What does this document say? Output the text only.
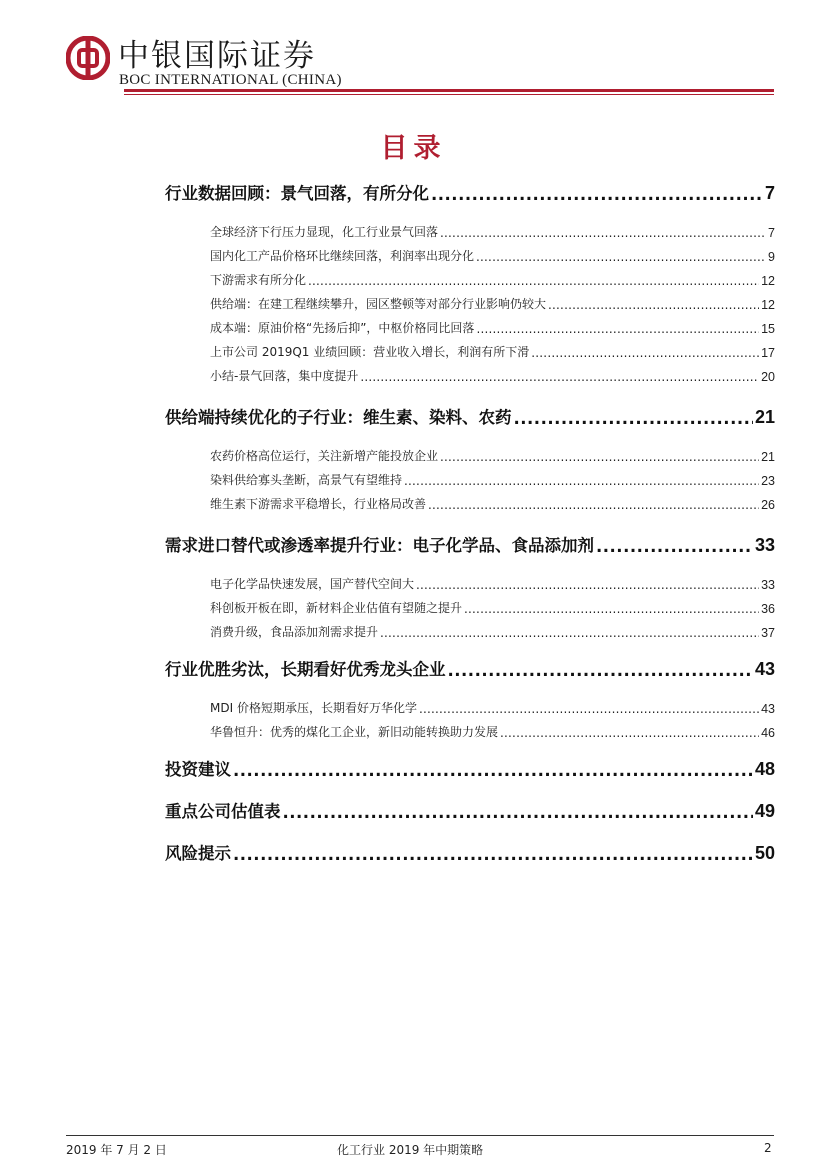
中银国际证券
BOC INTERNATIONAL (CHINA)
目录
行业数据回顾：景气回落，有所分化 .....	7
全球经济下行压力显现，化工行业景气回落 .....	7
国内化工产品价格环比继续回落，利润率出现分化 .....	9
下游需求有所分化 .....	12
供给端：在建工程继续攀升，园区整顿等对部分行业影响仍较大 .....	12
成本端：原油价格“先扬后抑”，中枢价格同比回落 .....	15
上市公司 2019Q1 业绩回顾：营业收入增长，利润有所下滑 .....	17
小结-景气回落，集中度提升 .....	20
供给端持续优化的子行业：维生素、染料、农药 .....	21
农药价格高位运行，关注新增产能投放企业 .....	21
染料供给寡头垄断，高景气有望维持 .....	23
维生素下游需求平稳增长，行业格局改善 .....	26
需求进口替代或渗透率提升行业：电子化学品、食品添加剂 .....	33
电子化学品快速发展，国产替代空间大 .....	33
科创板开板在即，新材料企业估值有望随之提升 .....	36
消费升级，食品添加剂需求提升 .....	37
行业优胜劣汰，长期看好优秀龙头企业 .....	43
MDI 价格短期承压，长期看好万华化学 .....	43
华鲁恒升：优秀的煤化工企业，新旧动能转换助力发展 .....	46
投资建议 .....	48
重点公司估值表 .....	49
风险提示 .....	50
2019 年 7 月 2 日	化工行业 2019 年中期策略	2
